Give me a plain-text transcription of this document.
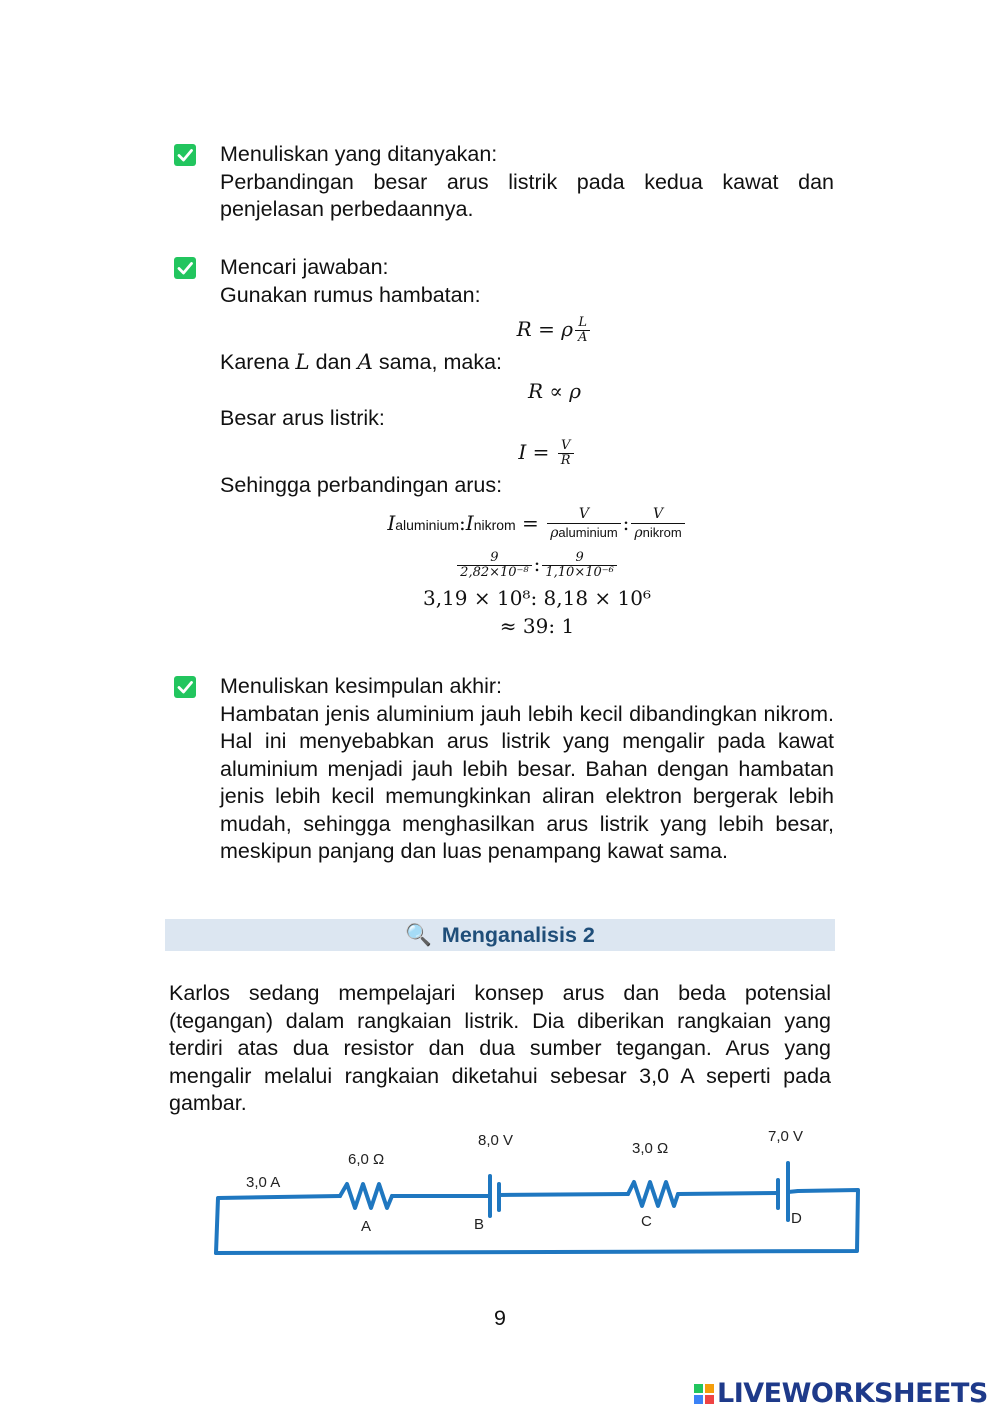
Menuliskan yang ditanyakan:
Perbandingan besar arus listrik pada kedua kawat dan penjelasan perbedaannya.
Mencari jawaban:
Gunakan rumus hambatan:
R = ρ $\frac{L}{A}$
Karena L dan A sama, maka:
R ∝ ρ
Besar arus listrik:
$I = \frac{V}{R}$
Sehingga perbandingan arus:
Ialuminium:Inikrom = $\frac{V}{\text{ρaluminium}}$ : $\frac{V}{\text{ρnikrom}}$
$\frac{9}{\text{2,82×10⁻⁸}}$ : $\frac{9}{\text{1,10×10⁻⁶}}$
3,19 × 10⁸: 8,18 × 10⁶
≈ 39: 1
Menuliskan kesimpulan akhir:
Hambatan jenis aluminium jauh lebih kecil dibandingkan nikrom. Hal ini menyebabkan arus listrik yang mengalir pada kawat aluminium menjadi jauh lebih besar. Bahan dengan hambatan jenis lebih kecil memungkinkan aliran elektron bergerak lebih mudah, sehingga menghasilkan arus listrik yang lebih besar, meskipun panjang dan luas penampang kawat sama.
🔍 Menganalisis 2
Karlos sedang mempelajari konsep arus dan beda potensial (tegangan) dalam rangkaian listrik. Dia diberikan rangkaian yang terdiri atas dua resistor dan dua sumber tegangan. Arus yang mengalir melalui rangkaian diketahui sebesar 3,0 A seperti pada gambar.
3,0 A
6,0 Ω
A
8,0 V
B
3,0 Ω
C
7,0 V
D
9
LIVEWORKSHEETS
